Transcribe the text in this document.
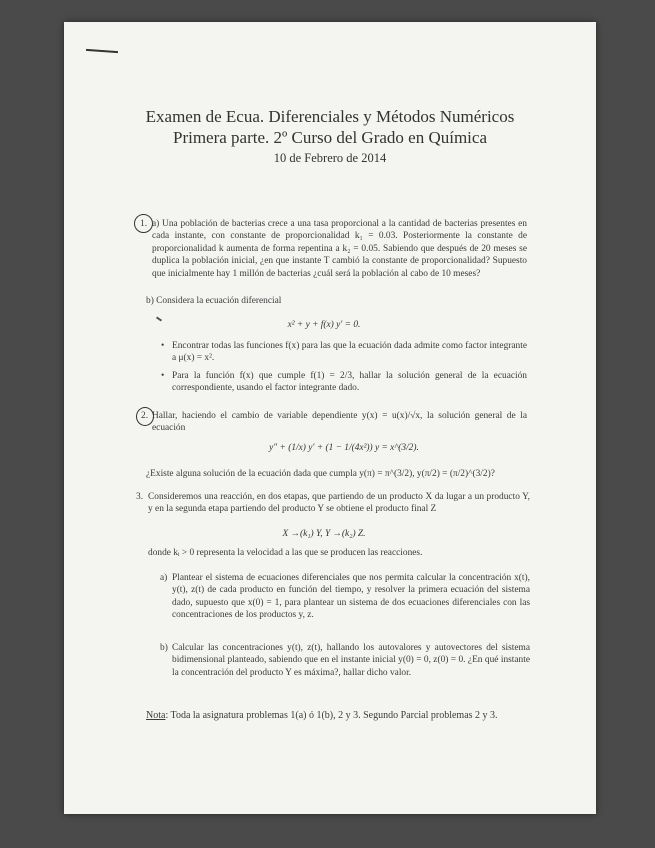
Examen de Ecua. Diferenciales y Métodos Numéricos
Primera parte. 2º Curso del Grado en Química
10 de Febrero de 2014
1. a) Una población de bacterias crece a una tasa proporcional a la cantidad de bacterias presentes en cada instante, con constante de proporcionalidad k₁ = 0.03. Posteriormente la constante de proporcionalidad k aumenta de forma repentina a k₂ = 0.05. Sabiendo que después de 20 meses se duplica la población inicial, ¿en que instante T cambió la constante de proporcionalidad? Supuesto que inicialmente hay 1 millón de bacterias ¿cuál será la población al cabo de 10 meses?
b) Considera la ecuación diferencial
x² + y + f(x) y′ = 0.
• Encontrar todas las funciones f(x) para las que la ecuación dada admite como factor integrante a μ(x) = x².
• Para la función f(x) que cumple f(1) = 2/3, hallar la solución general de la ecuación correspondiente, usando el factor integrante dado.
2. Hallar, haciendo el cambio de variable dependiente y(x) = u(x)/√x, la solución general de la ecuación
y″ + (1/x) y′ + (1 − 1/(4x²)) y = x^(3/2).
¿Existe alguna solución de la ecuación dada que cumpla y(π) = π^(3/2), y(π/2) = (π/2)^(3/2)?
3. Consideremos una reacción, en dos etapas, que partiendo de un producto X da lugar a un producto Y, y en la segunda etapa partiendo del producto Y se obtiene el producto final Z
X →(k₁) Y, Y →(k₂) Z.
donde kᵢ > 0 representa la velocidad a las que se producen las reacciones.
a) Plantear el sistema de ecuaciones diferenciales que nos permita calcular la concentración x(t), y(t), z(t) de cada producto en función del tiempo, y resolver la primera ecuación del sistema dado, supuesto que x(0) = 1, para plantear un sistema de dos ecuaciones diferenciales con las concentraciones de los productos y, z.
b) Calcular las concentraciones y(t), z(t), hallando los autovalores y autovectores del sistema bidimensional planteado, sabiendo que en el instante inicial y(0) = 0, z(0) = 0. ¿En qué instante la concentración del producto Y es máxima?, hallar dicho valor.
Nota: Toda la asignatura problemas 1(a) ó 1(b), 2 y 3. Segundo Parcial problemas 2 y 3.
